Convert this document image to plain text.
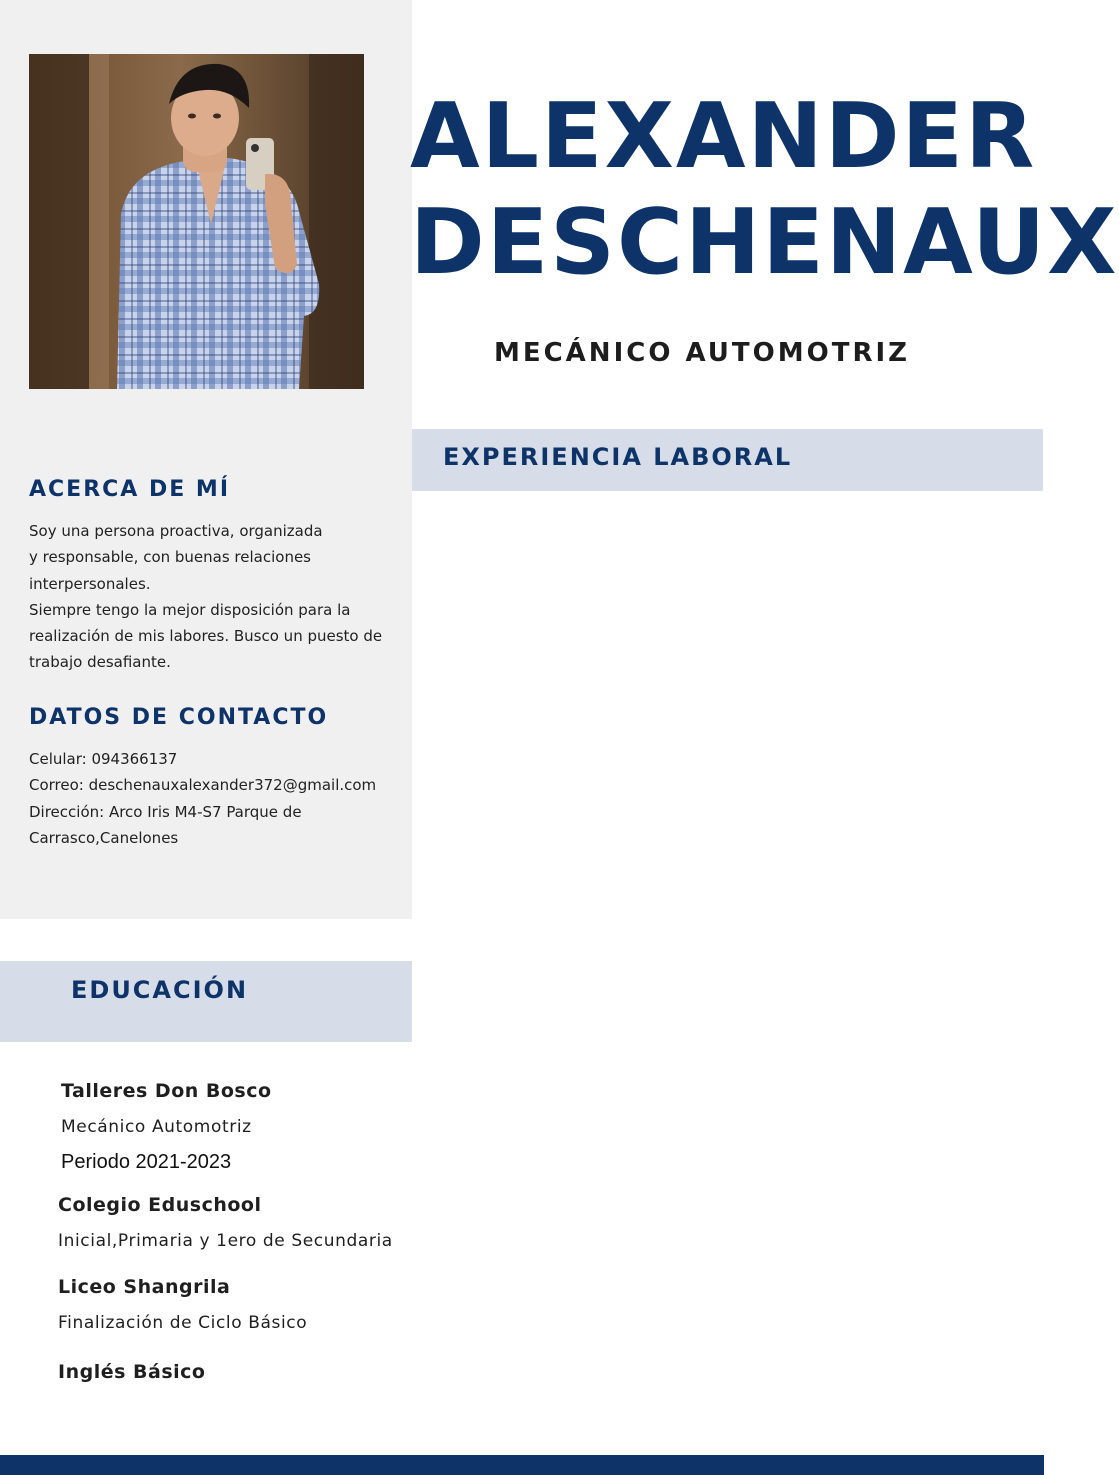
ALEXANDER
DESCHENAUX
MECÁNICO AUTOMOTRIZ
EXPERIENCIA LABORAL
ACERCA DE MÍ
Soy una persona proactiva, organizada
y responsable, con buenas relaciones
interpersonales.
Siempre tengo la mejor disposición para la
realización de mis labores. Busco un puesto de
trabajo desafiante.
DATOS DE CONTACTO
Celular: 094366137
Correo: deschenauxalexander372@gmail.com
Dirección: Arco Iris M4-S7 Parque de
Carrasco,Canelones
EDUCACIÓN
Talleres Don Bosco
Mecánico Automotriz
Periodo 2021-2023
Colegio Eduschool
Inicial,Primaria y 1ero de Secundaria
Liceo Shangrila
Finalización de Ciclo Básico
Inglés Básico
